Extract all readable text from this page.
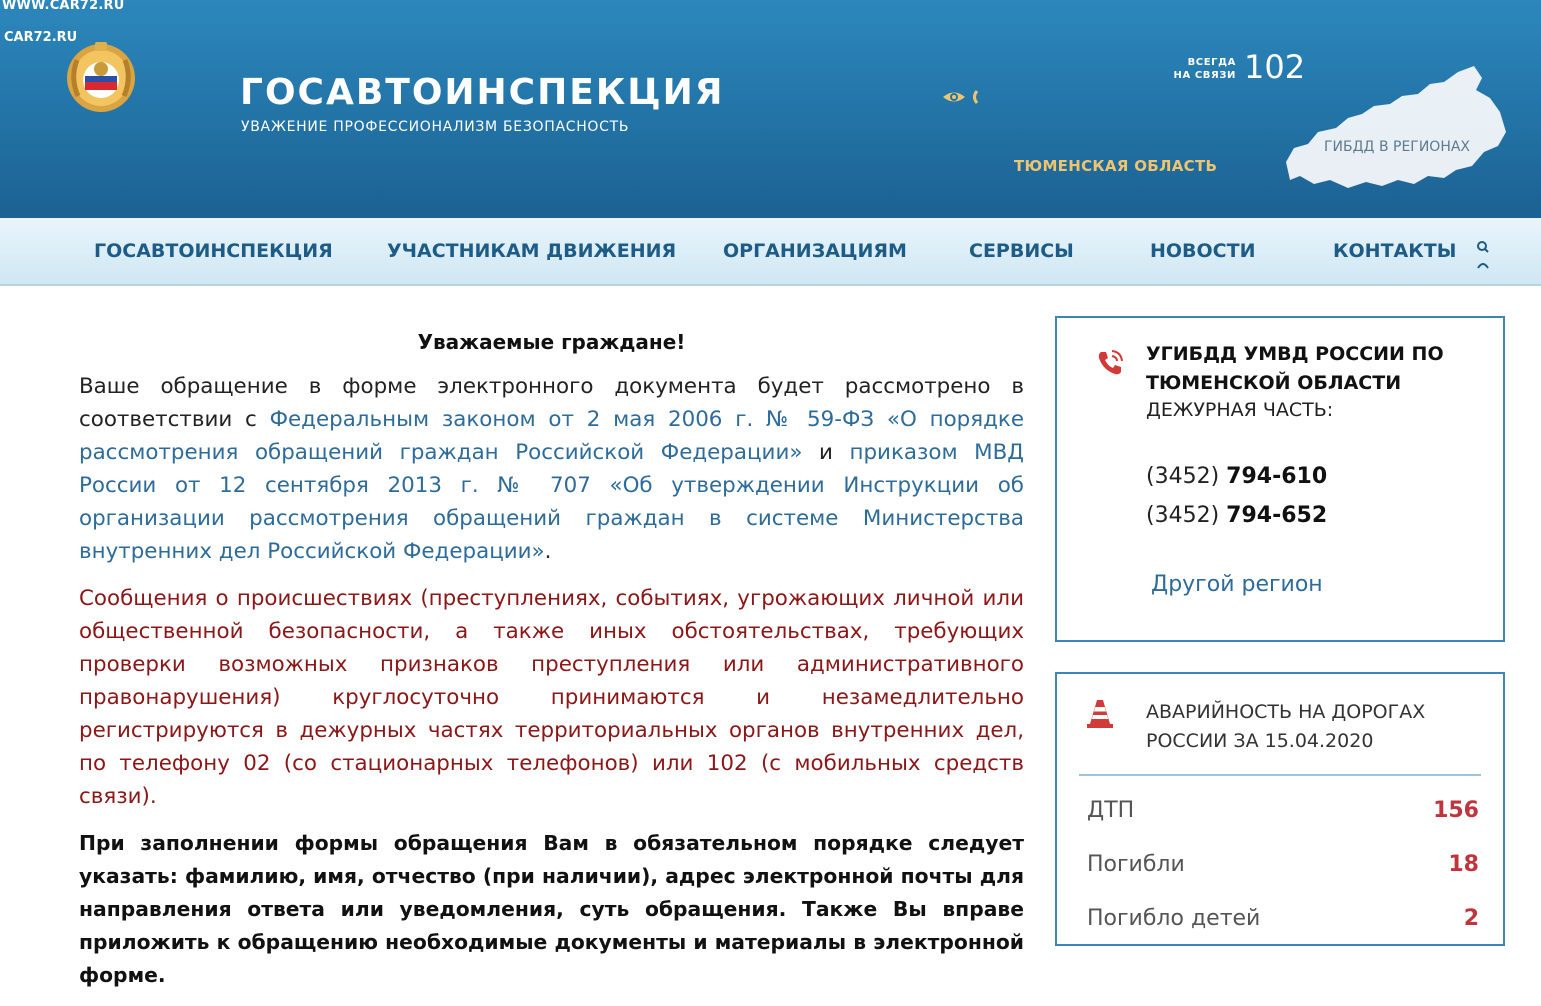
WWW.CAR72.RU
CAR72.RU
ГОСАВТОИНСПЕКЦИЯ
УВАЖЕНИЕ ПРОФЕССИОНАЛИЗМ БЕЗОПАСНОСТЬ
ВСЕГДА
НА СВЯЗИ 102
ТЮМЕНСКАЯ ОБЛАСТЬ
ГИБДД В РЕГИОНАХ
ГОСАВТОИНСПЕКЦИЯ	УЧАСТНИКАМ ДВИЖЕНИЯ ОРГАНИЗАЦИЯМ	СЕРВИСЫ	НОВОСТИ	КОНТАКТЫ
Уважаемые граждане!

Ваше обращение в форме электронного документа будет рассмотрено в соответствии с Федеральным законом от 2 мая 2006 г. № 59-ФЗ «О порядке рассмотрения обращений граждан Российской Федерации» и приказом МВД России от 12 сентября 2013 г. № 707 «Об утверждении Инструкции об организации рассмотрения обращений граждан в системе Министерства внутренних дел Российской Федерации».

Сообщения о происшествиях (преступлениях, событиях, угрожающих личной или общественной безопасности, а также иных обстоятельствах, требующих проверки возможных признаков преступления или административного правонарушения) круглосуточно принимаются и незамедлительно регистрируются в дежурных частях территориальных органов внутренних дел, по телефону 02 (со стационарных телефонов) или 102 (с мобильных средств связи).

При заполнении формы обращения Вам в обязательном порядке следует указать: фамилию, имя, отчество (при наличии), адрес электронной почты для направления ответа или уведомления, суть обращения. Также Вы вправе приложить к обращению необходимые документы и материалы в электронной форме.

УГИБДД УМВД РОССИИ ПО ТЮМЕНСКОЙ ОБЛАСТИ
ДЕЖУРНАЯ ЧАСТЬ:
(3452) 794-610
(3452) 794-652
Другой регион
АВАРИЙНОСТЬ НА ДОРОГАХ РОССИИ ЗА 15.04.2020
ДТП	156
Погибли	18
Погибло детей	2
